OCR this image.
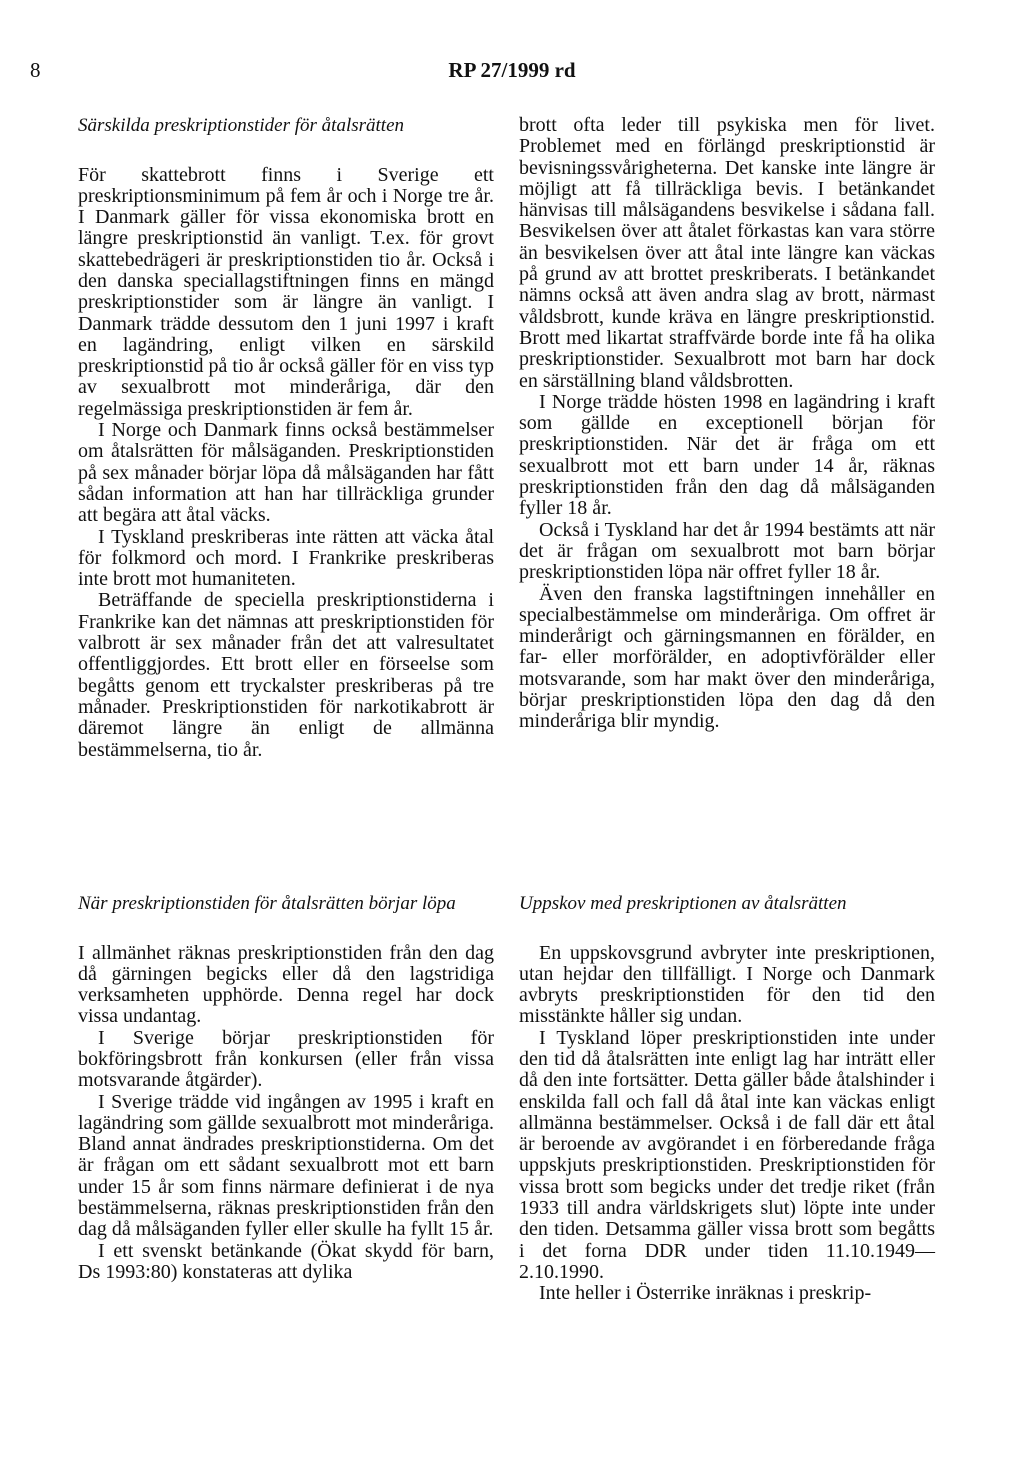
8	RP 27/1999 rd
Särskilda preskriptionstider för åtalsrätten

För skattebrott finns i Sverige ett preskriptionsminimum på fem år och i Norge tre år. I Danmark gäller för vissa ekonomiska brott en längre preskriptionstid än vanligt. T.ex. för grovt skattebedrägeri är preskriptionstiden tio år. Också i den danska speciallagstiftningen finns en mängd preskriptionstider som är längre än vanligt. I Danmark trädde dessutom den 1 juni 1997 i kraft en lagändring, enligt vilken en särskild preskriptionstid på tio år också gäller för en viss typ av sexualbrott mot minderåriga, där den regelmässiga preskriptionstiden är fem år.

I Norge och Danmark finns också bestämmelser om åtalsrätten för målsäganden. Preskriptionstiden på sex månader börjar löpa då målsäganden har fått sådan information att han har tillräckliga grunder att begära att åtal väcks.

I Tyskland preskriberas inte rätten att väcka åtal för folkmord och mord. I Frankrike preskriberas inte brott mot humaniteten.

Beträffande de speciella preskriptionstiderna i Frankrike kan det nämnas att preskriptionstiden för valbrott är sex månader från det att valresultatet offentliggjordes. Ett brott eller en förseelse som begåtts genom ett tryckalster preskriberas på tre månader. Preskriptionstiden för narkotikabrott är däremot längre än enligt de allmänna bestämmelserna, tio år.

brott ofta leder till psykiska men för livet. Problemet med en förlängd preskriptionstid är bevisningssvårigheterna. Det kanske inte längre är möjligt att få tillräckliga bevis. I betänkandet hänvisas till målsägandens besvikelse i sådana fall. Besvikelsen över att åtalet förkastas kan vara större än besvikelsen över att åtal inte längre kan väckas på grund av att brottet preskriberats. I betänkandet nämns också att även andra slag av brott, närmast våldsbrott, kunde kräva en längre preskriptionstid. Brott med likartat straffvärde borde inte få ha olika preskriptionstider. Sexualbrott mot barn har dock en särställning bland våldsbrotten.

I Norge trädde hösten 1998 en lagändring i kraft som gällde en exceptionell början för preskriptionstiden. När det är fråga om ett sexualbrott mot ett barn under 14 år, räknas preskriptionstiden från den dag då målsäganden fyller 18 år.

Också i Tyskland har det år 1994 bestämts att när det är frågan om sexualbrott mot barn börjar preskriptionstiden löpa när offret fyller 18 år.

Även den franska lagstiftningen innehåller en specialbestämmelse om minderåriga. Om offret är minderårigt och gärningsmannen en förälder, en far- eller morförälder, en adoptivförälder eller motsvarande, som har makt över den minderåriga, börjar preskriptionstiden löpa den dag då den minderåriga blir myndig.

När preskriptionstiden för åtalsrätten börjar löpa

I allmänhet räknas preskriptionstiden från den dag då gärningen begicks eller då den lagstridiga verksamheten upphörde. Denna regel har dock vissa undantag.

I Sverige börjar preskriptionstiden för bokföringsbrott från konkursen (eller från vissa motsvarande åtgärder).

I Sverige trädde vid ingången av 1995 i kraft en lagändring som gällde sexualbrott mot minderåriga. Bland annat ändrades preskriptionstiderna. Om det är frågan om ett sådant sexualbrott mot ett barn under 15 år som finns närmare definierat i de nya bestämmelserna, räknas preskriptionstiden från den dag då målsäganden fyller eller skulle ha fyllt 15 år.

I ett svenskt betänkande (Ökat skydd för barn, Ds 1993:80) konstateras att dylika

Uppskov med preskriptionen av åtalsrätten

En uppskovsgrund avbryter inte preskriptionen, utan hejdar den tillfälligt. I Norge och Danmark avbryts preskriptionstiden för den tid den misstänkte håller sig undan.

I Tyskland löper preskriptionstiden inte under den tid då åtalsrätten inte enligt lag har inträtt eller då den inte fortsätter. Detta gäller både åtalshinder i enskilda fall och fall då åtal inte kan väckas enligt allmänna bestämmelser. Också i de fall där ett åtal är beroende av avgörandet i en förberedande fråga uppskjuts preskriptionstiden. Preskriptionstiden för vissa brott som begicks under det tredje riket (från 1933 till andra världskrigets slut) löpte inte under den tiden. Detsamma gäller vissa brott som begåtts i det forna DDR under tiden 11.10.1949—2.10.1990.

Inte heller i Österrike inräknas i preskrip-
